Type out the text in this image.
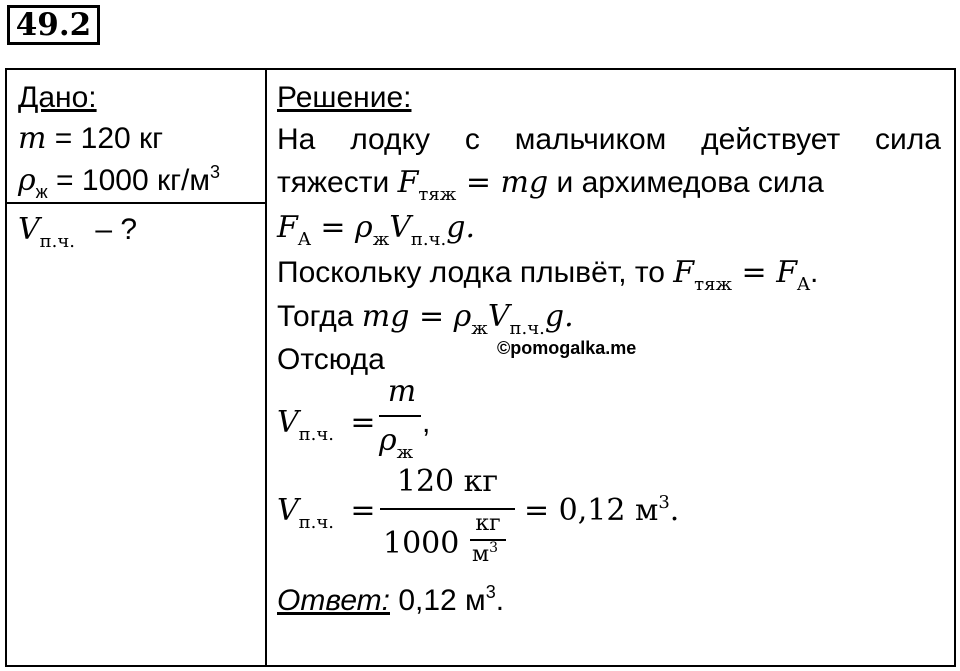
49.2
Дано:
m = 120 кг
$\rho_ж = 1000$ $кг/м^3$
$V_{п.ч.}$ – ?
Решение:
На лодку с мальчиком действует сила
тяжести $F_{тяж}$ = mg и архимедова сила
$F_A = \rho_жV_{п.ч.}g$.
Поскольку лодка плывёт, то $F_{тяж} = F_A$.
Тогда mg = $\rho_жV_{п.ч.}g$.
©pomogalka.me
Отсюда
$V_{п.ч.}$ =
m
$\rho_ж$
,
$V_{п.ч.}$ =
120 кг
1000
кг
$м^3$
= 0,12 $м^3$.
Ответ: 0,12 $м^3$.
